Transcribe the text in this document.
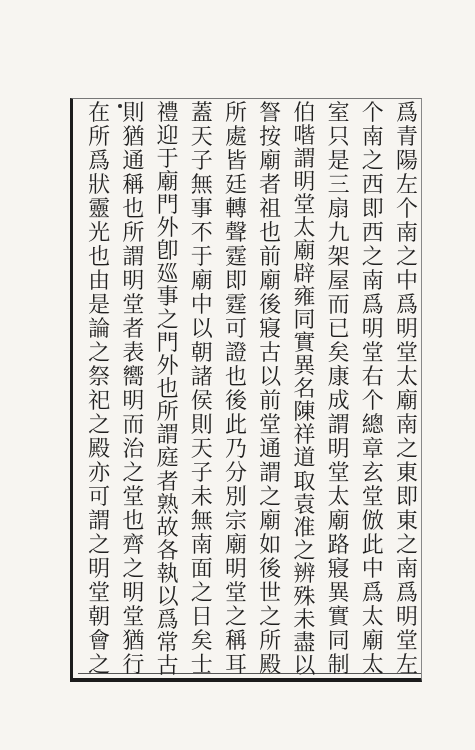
爲
青
陽
左
个
南
之
中
爲
明
堂
太
廟
南
之
東
即
東
之
南
爲
明
堂
左
个
南
之
西
即
西
之
南
爲
明
堂
右
个
總
章
玄
堂
倣
此
中
爲
太
廟
太
室
只
是
三
扇
九
架
屋
而
已
矣
康
成
謂
明
堂
太
廟
路
寢
異
實
同
制
伯
喈
謂
明
堂
太
廟
辟
雍
同
實
異
名
陳
祥
道
取
袁
准
之
辨
殊
未
盡
以
詧
按
廟
者
祖
也
前
廟
後
寢
古
以
前
堂
通
謂
之
廟
如
後
世
之
所
殿
所
處
皆
廷
轉
聲
霆
即
霆
可
證
也
後
此
乃
分
別
宗
廟
明
堂
之
稱
耳
蓋
天
子
無
事
不
于
廟
中
以
朝
諸
侯
則
天
子
未
無
南
面
之
日
矣
士
禮
迎
于
廟
門
外
卽
廵
事
之
門
外
也
所
謂
庭
者
熟
故
各
執
以
爲
常
古
則
猶
通
稱
也
所
謂
明
堂
者
表
嚮
明
而
治
之
堂
也
齊
之
明
堂
猶
行
在
所
爲
狀
靈
光
也
由
是
論
之
祭
祀
之
殿
亦
可
謂
之
明
堂
朝
會
之
